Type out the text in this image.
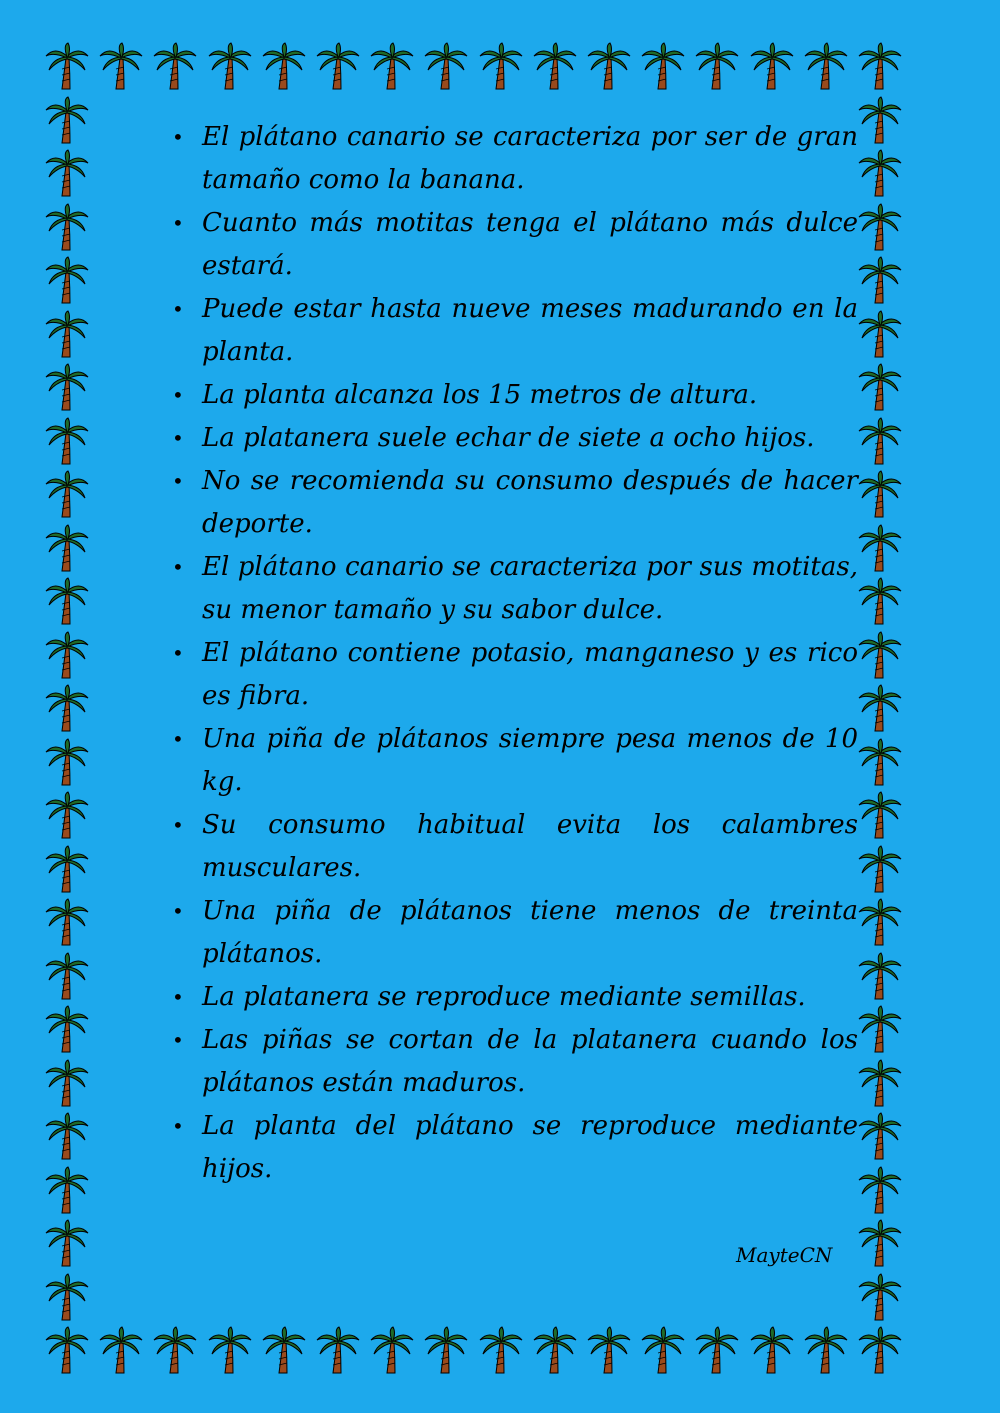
• El plátano canario se caracteriza por ser de gran tamaño como la banana.
• Cuanto más motitas tenga el plátano más dulce estará.
• Puede estar hasta nueve meses madurando en la planta.
• La planta alcanza los 15 metros de altura.
• La platanera suele echar de siete a ocho hijos.
• No se recomienda su consumo después de hacer deporte.
• El plátano canario se caracteriza por sus motitas, su menor tamaño y su sabor dulce.
• El plátano contiene potasio, manganeso y es rico es fibra.
• Una piña de plátanos siempre pesa menos de 10 kg.
• Su consumo habitual evita los calambres musculares.
• Una piña de plátanos tiene menos de treinta plátanos.
• La platanera se reproduce mediante semillas.
• Las piñas se cortan de la platanera cuando los plátanos están maduros.
• La planta del plátano se reproduce mediante hijos.
MayteCN
